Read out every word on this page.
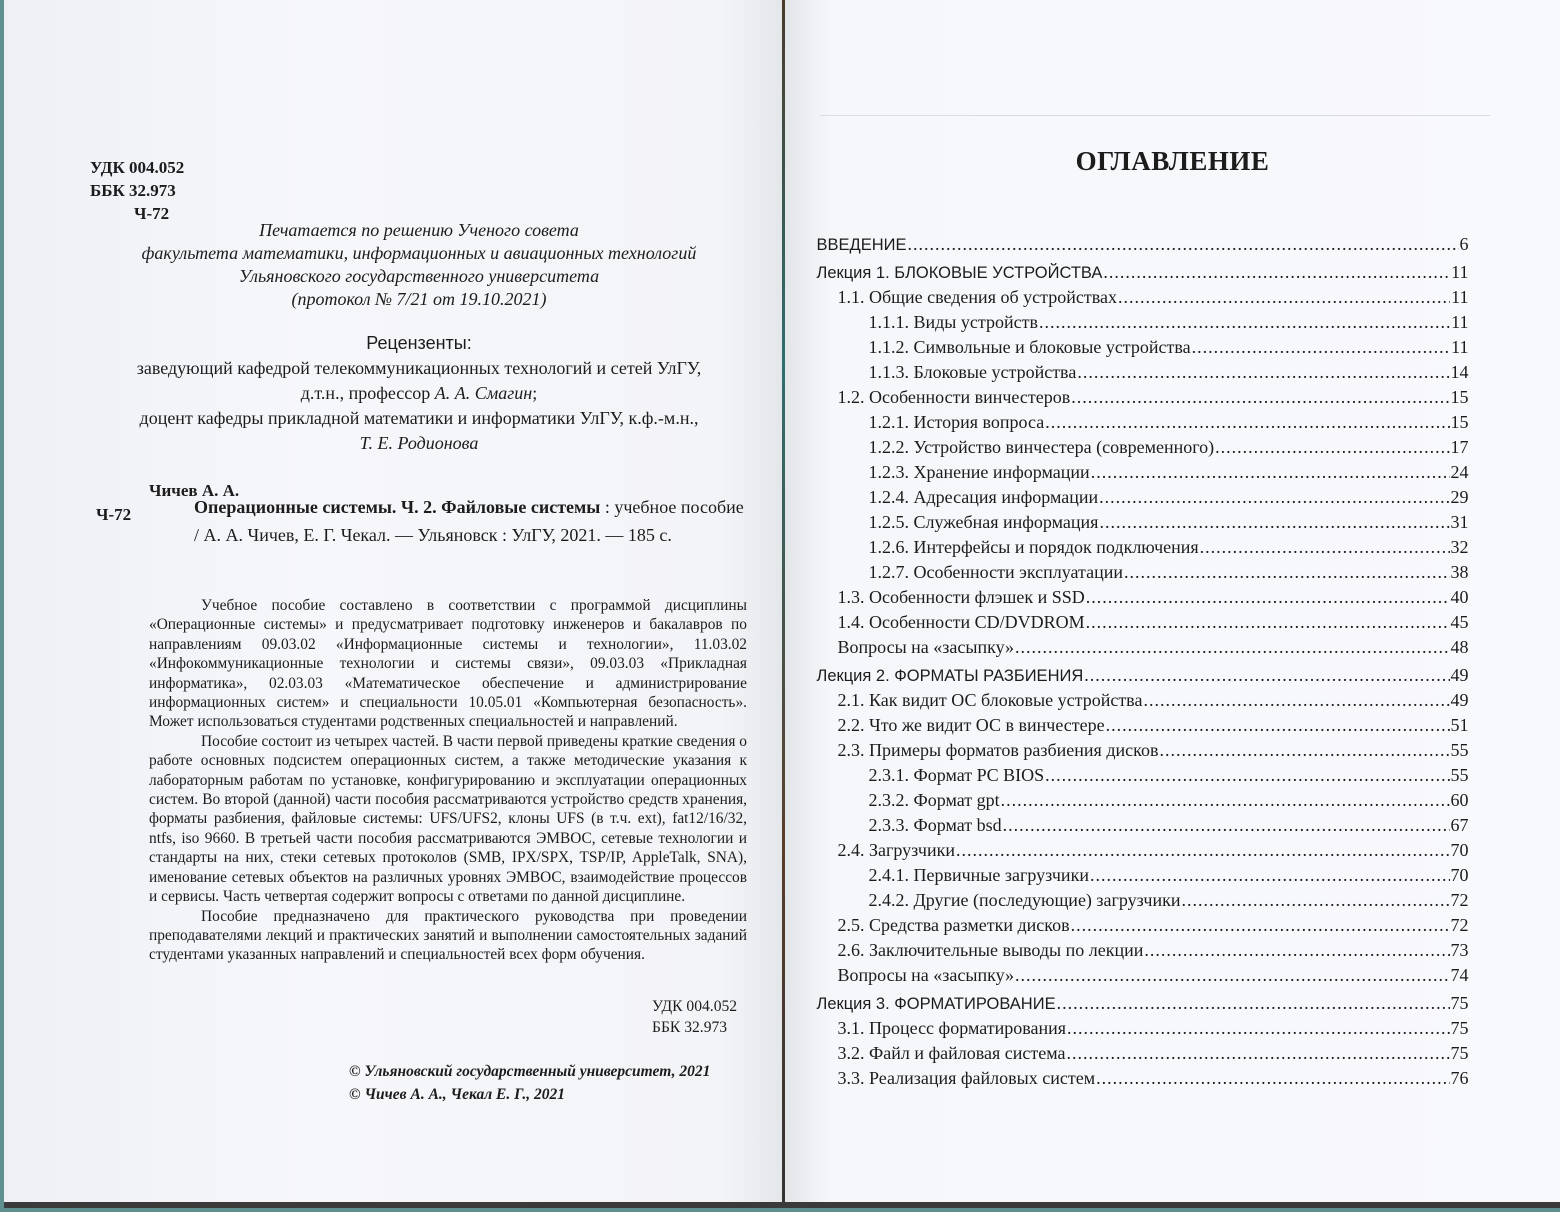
УДК 004.052
ББК 32.973
Ч-72
Печатается по решению Ученого совета
факультета математики, информационных и авиационных технологий
Ульяновского государственного университета
(протокол № 7/21 от 19.10.2021)
Рецензенты:
заведующий кафедрой телекоммуникационных технологий и сетей УлГУ,
д.т.н., профессор А. А. Смагин;
доцент кафедры прикладной математики и информатики УлГУ, к.ф.-м.н.,
Т. Е. Родионова
Чичев А. А.
Ч-72	Операционные системы. Ч. 2. Файловые системы : учебное пособие / А. А. Чичев, Е. Г. Чекал. — Ульяновск : УлГУ, 2021. — 185 с.

Учебное пособие составлено в соответствии с программой дисциплины «Операционные системы» и предусматривает подготовку инженеров и бакалавров по направлениям 09.03.02 «Информационные системы и технологии», 11.03.02 «Инфокоммуникационные технологии и системы связи», 09.03.03 «Прикладная информатика», 02.03.03 «Математическое обеспечение и администрирование информационных систем» и специальности 10.05.01 «Компьютерная безопасность». Может использоваться студентами родственных специальностей и направлений.

Пособие состоит из четырех частей. В части первой приведены краткие сведения о работе основных подсистем операционных систем, а также методические указания к лабораторным работам по установке, конфигурированию и эксплуатации операционных систем. Во второй (данной) части пособия рассматриваются устройство средств хранения, форматы разбиения, файловые системы: UFS/UFS2, клоны UFS (в т.ч. ext), fat12/16/32, ntfs, iso 9660. В третьей части пособия рассматриваются ЭМВОС, сетевые технологии и стандарты на них, стеки сетевых протоколов (SMB, IPX/SPX, TSP/IP, AppleTalk, SNA), именование сетевых объектов на различных уровнях ЭМВОС, взаимодействие процессов и сервисы. Часть четвертая содержит вопросы с ответами по данной дисциплине.

Пособие предназначено для практического руководства при проведении преподавателями лекций и практических занятий и выполнении самостоятельных заданий студентами указанных направлений и специальностей всех форм обучения.

УДК 004.052
ББК 32.973
© Ульяновский государственный университет, 2021
© Чичев А. А., Чекал Е. Г., 2021
ОГЛАВЛЕНИЕ
ВВЕДЕНИЕ .....	6
Лекция 1. БЛОКОВЫЕ УСТРОЙСТВА .....	11
1.1. Общие сведения об устройствах .....	11
1.1.1. Виды устройств .....	11
1.1.2. Символьные и блоковые устройства .....	11
1.1.3. Блоковые устройства .....	14
1.2. Особенности винчестеров .....	15
1.2.1. История вопроса .....	15
1.2.2. Устройство винчестера (современного) .....	17
1.2.3. Хранение информации .....	24
1.2.4. Адресация информации .....	29
1.2.5. Служебная информация .....	31
1.2.6. Интерфейсы и порядок подключения .....	32
1.2.7. Особенности эксплуатации .....	38
1.3. Особенности флэшек и SSD .....	40
1.4. Особенности CD/DVDROM .....	45
Вопросы на «засыпку» .....	48
Лекция 2. ФОРМАТЫ РАЗБИЕНИЯ .....	49
2.1. Как видит ОС блоковые устройства .....	49
2.2. Что же видит ОС в винчестере .....	51
2.3. Примеры форматов разбиения дисков .....	55
2.3.1. Формат PC BIOS .....	55
2.3.2. Формат gpt .....	60
2.3.3. Формат bsd .....	67
2.4. Загрузчики .....	70
2.4.1. Первичные загрузчики .....	70
2.4.2. Другие (последующие) загрузчики .....	72
2.5. Средства разметки дисков .....	72
2.6. Заключительные выводы по лекции .....	73
Вопросы на «засыпку» .....	74
Лекция 3. ФОРМАТИРОВАНИЕ .....	75
3.1. Процесс форматирования .....	75
3.2. Файл и файловая система .....	75
3.3. Реализация файловых систем .....	76
